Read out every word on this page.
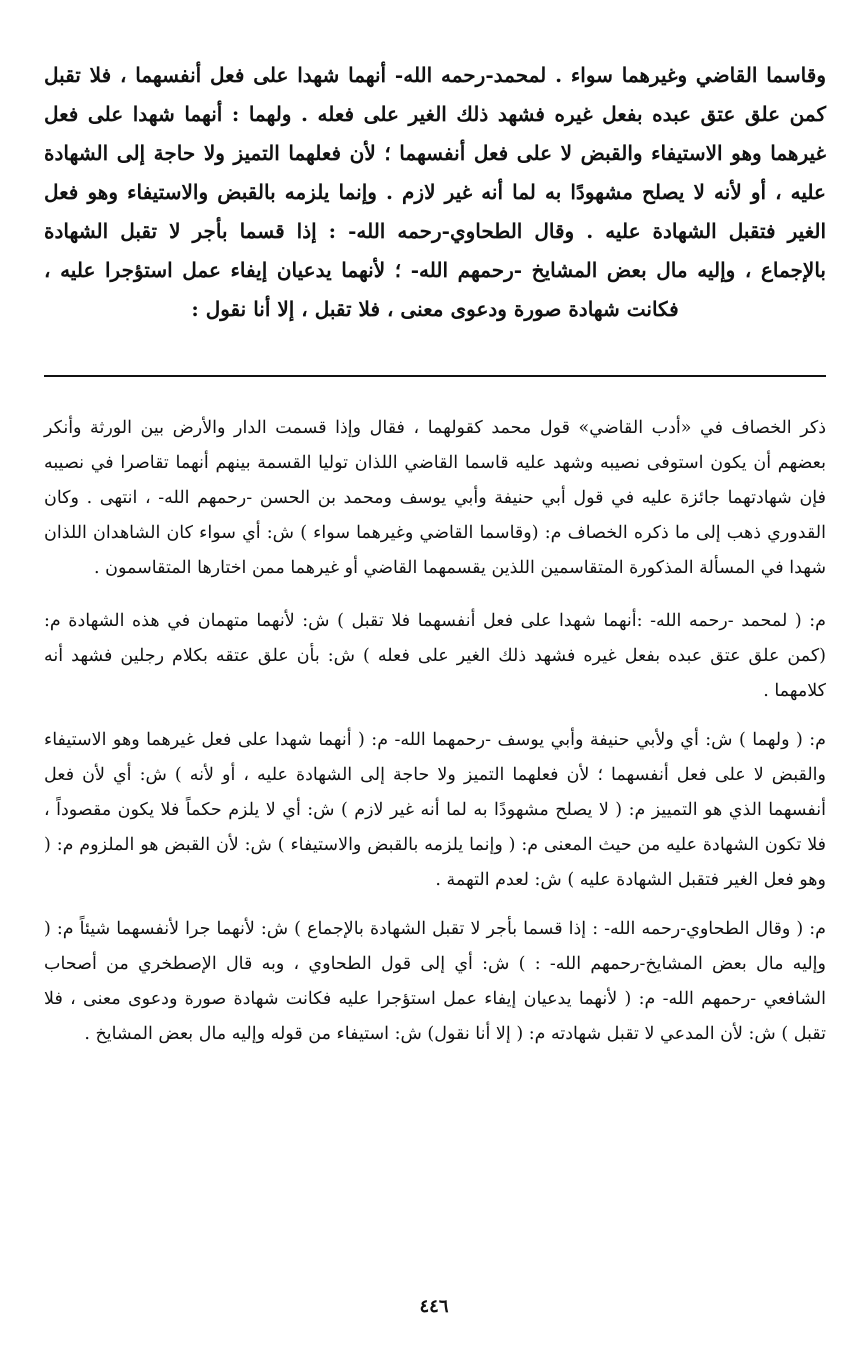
وقاسما القاضي وغيرهما سواء . لمحمد-رحمه الله- أنهما شهدا على فعل أنفسهما ، فلا تقبل كمن علق عتق عبده بفعل غيره فشهد ذلك الغير على فعله . ولهما : أنهما شهدا على فعل غيرهما وهو الاستيفاء والقبض لا على فعل أنفسهما ؛ لأن فعلهما التميز ولا حاجة إلى الشهادة عليه ، أو لأنه لا يصلح مشهودًا به لما أنه غير لازم . وإنما يلزمه بالقبض والاستيفاء وهو فعل الغير فتقبل الشهادة عليه . وقال الطحاوي-رحمه الله- : إذا قسما بأجر لا تقبل الشهادة بالإجماع ، وإليه مال بعض المشايخ -رحمهم الله- ؛ لأنهما يدعيان إيفاء عمل استؤجرا عليه ، فكانت شهادة صورة ودعوى معنى ، فلا تقبل ، إلا أنا نقول :

ذكر الخصاف في «أدب القاضي» قول محمد كقولهما ، فقال وإذا قسمت الدار والأرض بين الورثة وأنكر بعضهم أن يكون استوفى نصيبه وشهد عليه قاسما القاضي اللذان توليا القسمة بينهم أنهما تقاصرا في نصيبه فإن شهادتهما جائزة عليه في قول أبي حنيفة وأبي يوسف ومحمد بن الحسن -رحمهم الله- ، انتهى . وكان القدوري ذهب إلى ما ذكره الخصاف م: (وقاسما القاضي وغيرهما سواء ) ش: أي سواء كان الشاهدان اللذان شهدا في المسألة المذكورة المتقاسمين اللذين يقسمهما القاضي أو غيرهما ممن اختارها المتقاسمون .

م: ( لمحمد -رحمه الله- :أنهما شهدا على فعل أنفسهما فلا تقبل ) ش: لأنهما متهمان في هذه الشهادة م: (كمن علق عتق عبده بفعل غيره فشهد ذلك الغير على فعله ) ش: بأن علق عتقه بكلام رجلين فشهد أنه كلامهما .

م: ( ولهما ) ش: أي ولأبي حنيفة وأبي يوسف -رحمهما الله- م: ( أنهما شهدا على فعل غيرهما وهو الاستيفاء والقبض لا على فعل أنفسهما ؛ لأن فعلهما التميز ولا حاجة إلى الشهادة عليه ، أو لأنه ) ش: أي لأن فعل أنفسهما الذي هو التمييز م: ( لا يصلح مشهودًا به لما أنه غير لازم ) ش: أي لا يلزم حكماً فلا يكون مقصوداً ، فلا تكون الشهادة عليه من حيث المعنى م: ( وإنما يلزمه بالقبض والاستيفاء ) ش: لأن القبض هو الملزوم م: ( وهو فعل الغير فتقبل الشهادة عليه ) ش: لعدم التهمة .

م: ( وقال الطحاوي-رحمه الله- : إذا قسما بأجر لا تقبل الشهادة بالإجماع ) ش: لأنهما جرا لأنفسهما شيئاً م: ( وإليه مال بعض المشايخ-رحمهم الله- : ) ش: أي إلى قول الطحاوي ، وبه قال الإصطخري من أصحاب الشافعي -رحمهم الله- م: ( لأنهما يدعيان إيفاء عمل استؤجرا عليه فكانت شهادة صورة ودعوى معنى ، فلا تقبل ) ش: لأن المدعي لا تقبل شهادته م: ( إلا أنا نقول) ش: استيفاء من قوله وإليه مال بعض المشايخ .

٤٤٦
